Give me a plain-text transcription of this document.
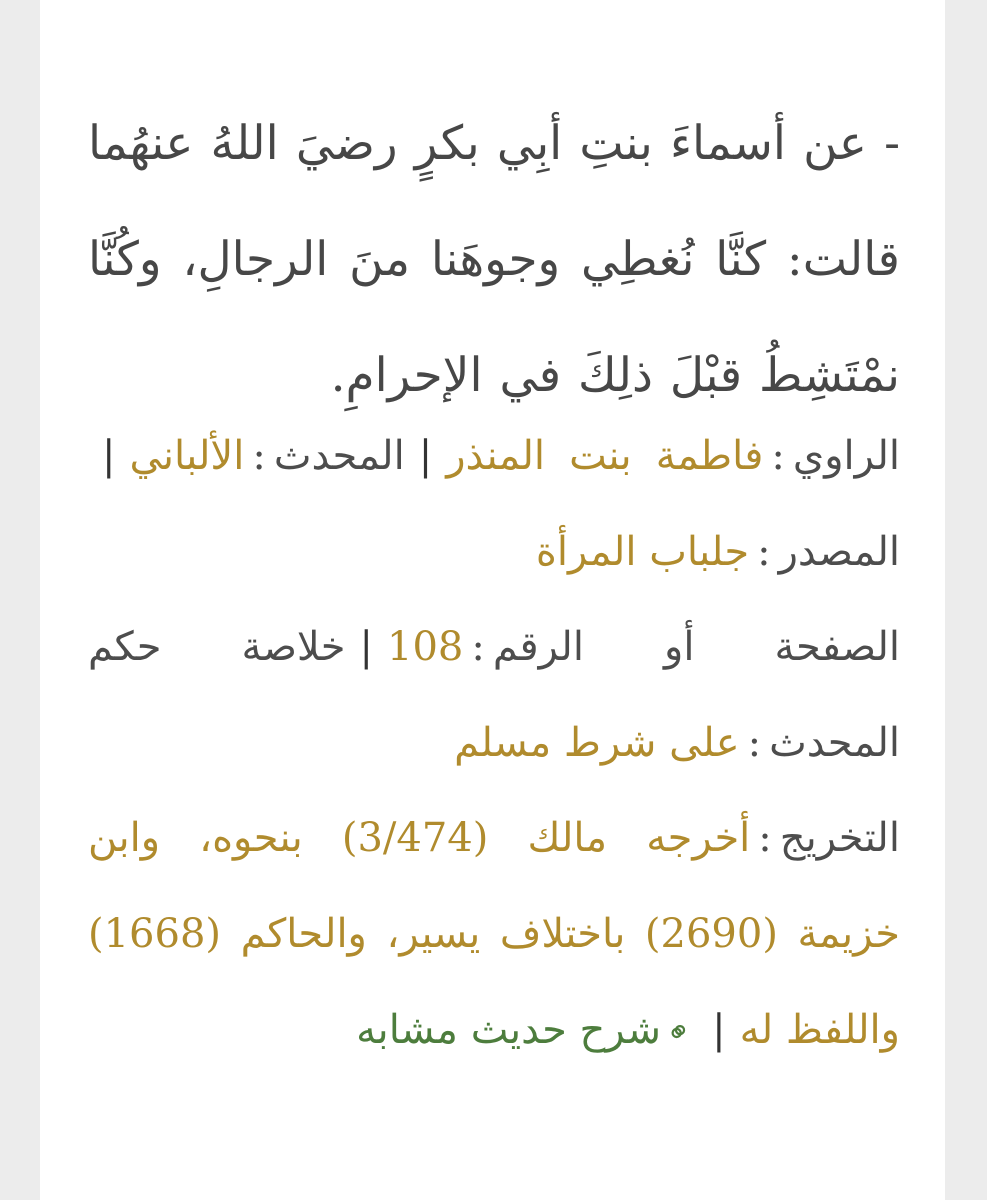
- عن أسماءَ بنتِ أبِي بكرٍ رضيَ اللهُ عنهُما قالت: كنَّا نُغطِي وجوهَنا منَ الرجالِ، وكُنَّا نمْتَشِطُ قبْلَ ذلِكَ في الإحرامِ.

الراوي:فاطمة بنت المنذر|المحدث:الألباني|المصدر:جلباب المرأة

الصفحة أو الرقم:108|خلاصة حكم المحدث:على شرط مسلم

التخريج:أخرجه مالك (3/474) بنحوه، وابن خزيمة (2690) باختلاف يسير، والحاكم (1668) واللفظ له|⚭شرح حديث مشابه
